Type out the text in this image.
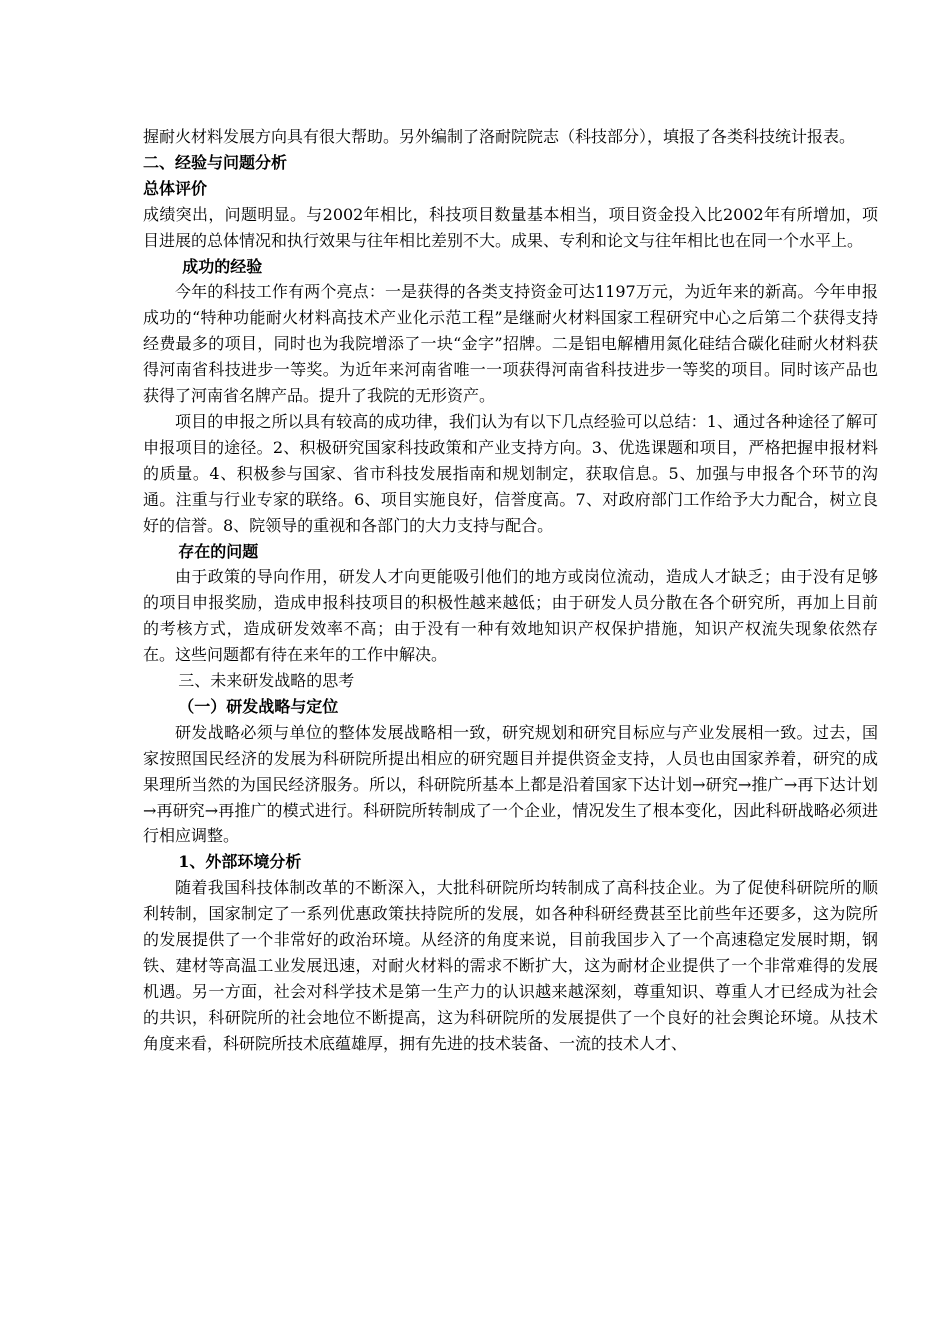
握耐火材料发展方向具有很大帮助。另外编制了洛耐院院志（科技部分），填报了各类科技统计报表。

二、经验与问题分析

总体评价

成绩突出，问题明显。与2002年相比，科技项目数量基本相当，项目资金投入比2002年有所增加，项目进展的总体情况和执行效果与往年相比差别不大。成果、专利和论文与往年相比也在同一个水平上。

成功的经验

今年的科技工作有两个亮点：一是获得的各类支持资金可达1197万元，为近年来的新高。今年申报成功的“特种功能耐火材料高技术产业化示范工程”是继耐火材料国家工程研究中心之后第二个获得支持经费最多的项目，同时也为我院增添了一块“金字”招牌。二是铝电解槽用氮化硅结合碳化硅耐火材料获得河南省科技进步一等奖。为近年来河南省唯一一项获得河南省科技进步一等奖的项目。同时该产品也获得了河南省名牌产品。提升了我院的无形资产。

项目的申报之所以具有较高的成功律，我们认为有以下几点经验可以总结：1、通过各种途径了解可申报项目的途径。2、积极研究国家科技政策和产业支持方向。3、优选课题和项目，严格把握申报材料的质量。4、积极参与国家、省市科技发展指南和规划制定，获取信息。5、加强与申报各个环节的沟通。注重与行业专家的联络。6、项目实施良好，信誉度高。7、对政府部门工作给予大力配合，树立良好的信誉。8、院领导的重视和各部门的大力支持与配合。

存在的问题

由于政策的导向作用，研发人才向更能吸引他们的地方或岗位流动，造成人才缺乏；由于没有足够的项目申报奖励，造成申报科技项目的积极性越来越低；由于研发人员分散在各个研究所，再加上目前的考核方式，造成研发效率不高；由于没有一种有效地知识产权保护措施，知识产权流失现象依然存在。这些问题都有待在来年的工作中解决。

三、未来研发战略的思考

（一）研发战略与定位

研发战略必须与单位的整体发展战略相一致，研究规划和研究目标应与产业发展相一致。过去，国家按照国民经济的发展为科研院所提出相应的研究题目并提供资金支持，人员也由国家养着，研究的成果理所当然的为国民经济服务。所以，科研院所基本上都是沿着国家下达计划→研究→推广→再下达计划→再研究→再推广的模式进行。科研院所转制成了一个企业，情况发生了根本变化，因此科研战略必须进行相应调整。

1、外部环境分析

随着我国科技体制改革的不断深入，大批科研院所均转制成了高科技企业。为了促使科研院所的顺利转制，国家制定了一系列优惠政策扶持院所的发展，如各种科研经费甚至比前些年还要多，这为院所的发展提供了一个非常好的政治环境。从经济的角度来说，目前我国步入了一个高速稳定发展时期，钢铁、建材等高温工业发展迅速，对耐火材料的需求不断扩大，这为耐材企业提供了一个非常难得的发展机遇。另一方面，社会对科学技术是第一生产力的认识越来越深刻，尊重知识、尊重人才已经成为社会的共识，科研院所的社会地位不断提高，这为科研院所的发展提供了一个良好的社会舆论环境。从技术角度来看，科研院所技术底蕴雄厚，拥有先进的技术装备、一流的技术人才、
